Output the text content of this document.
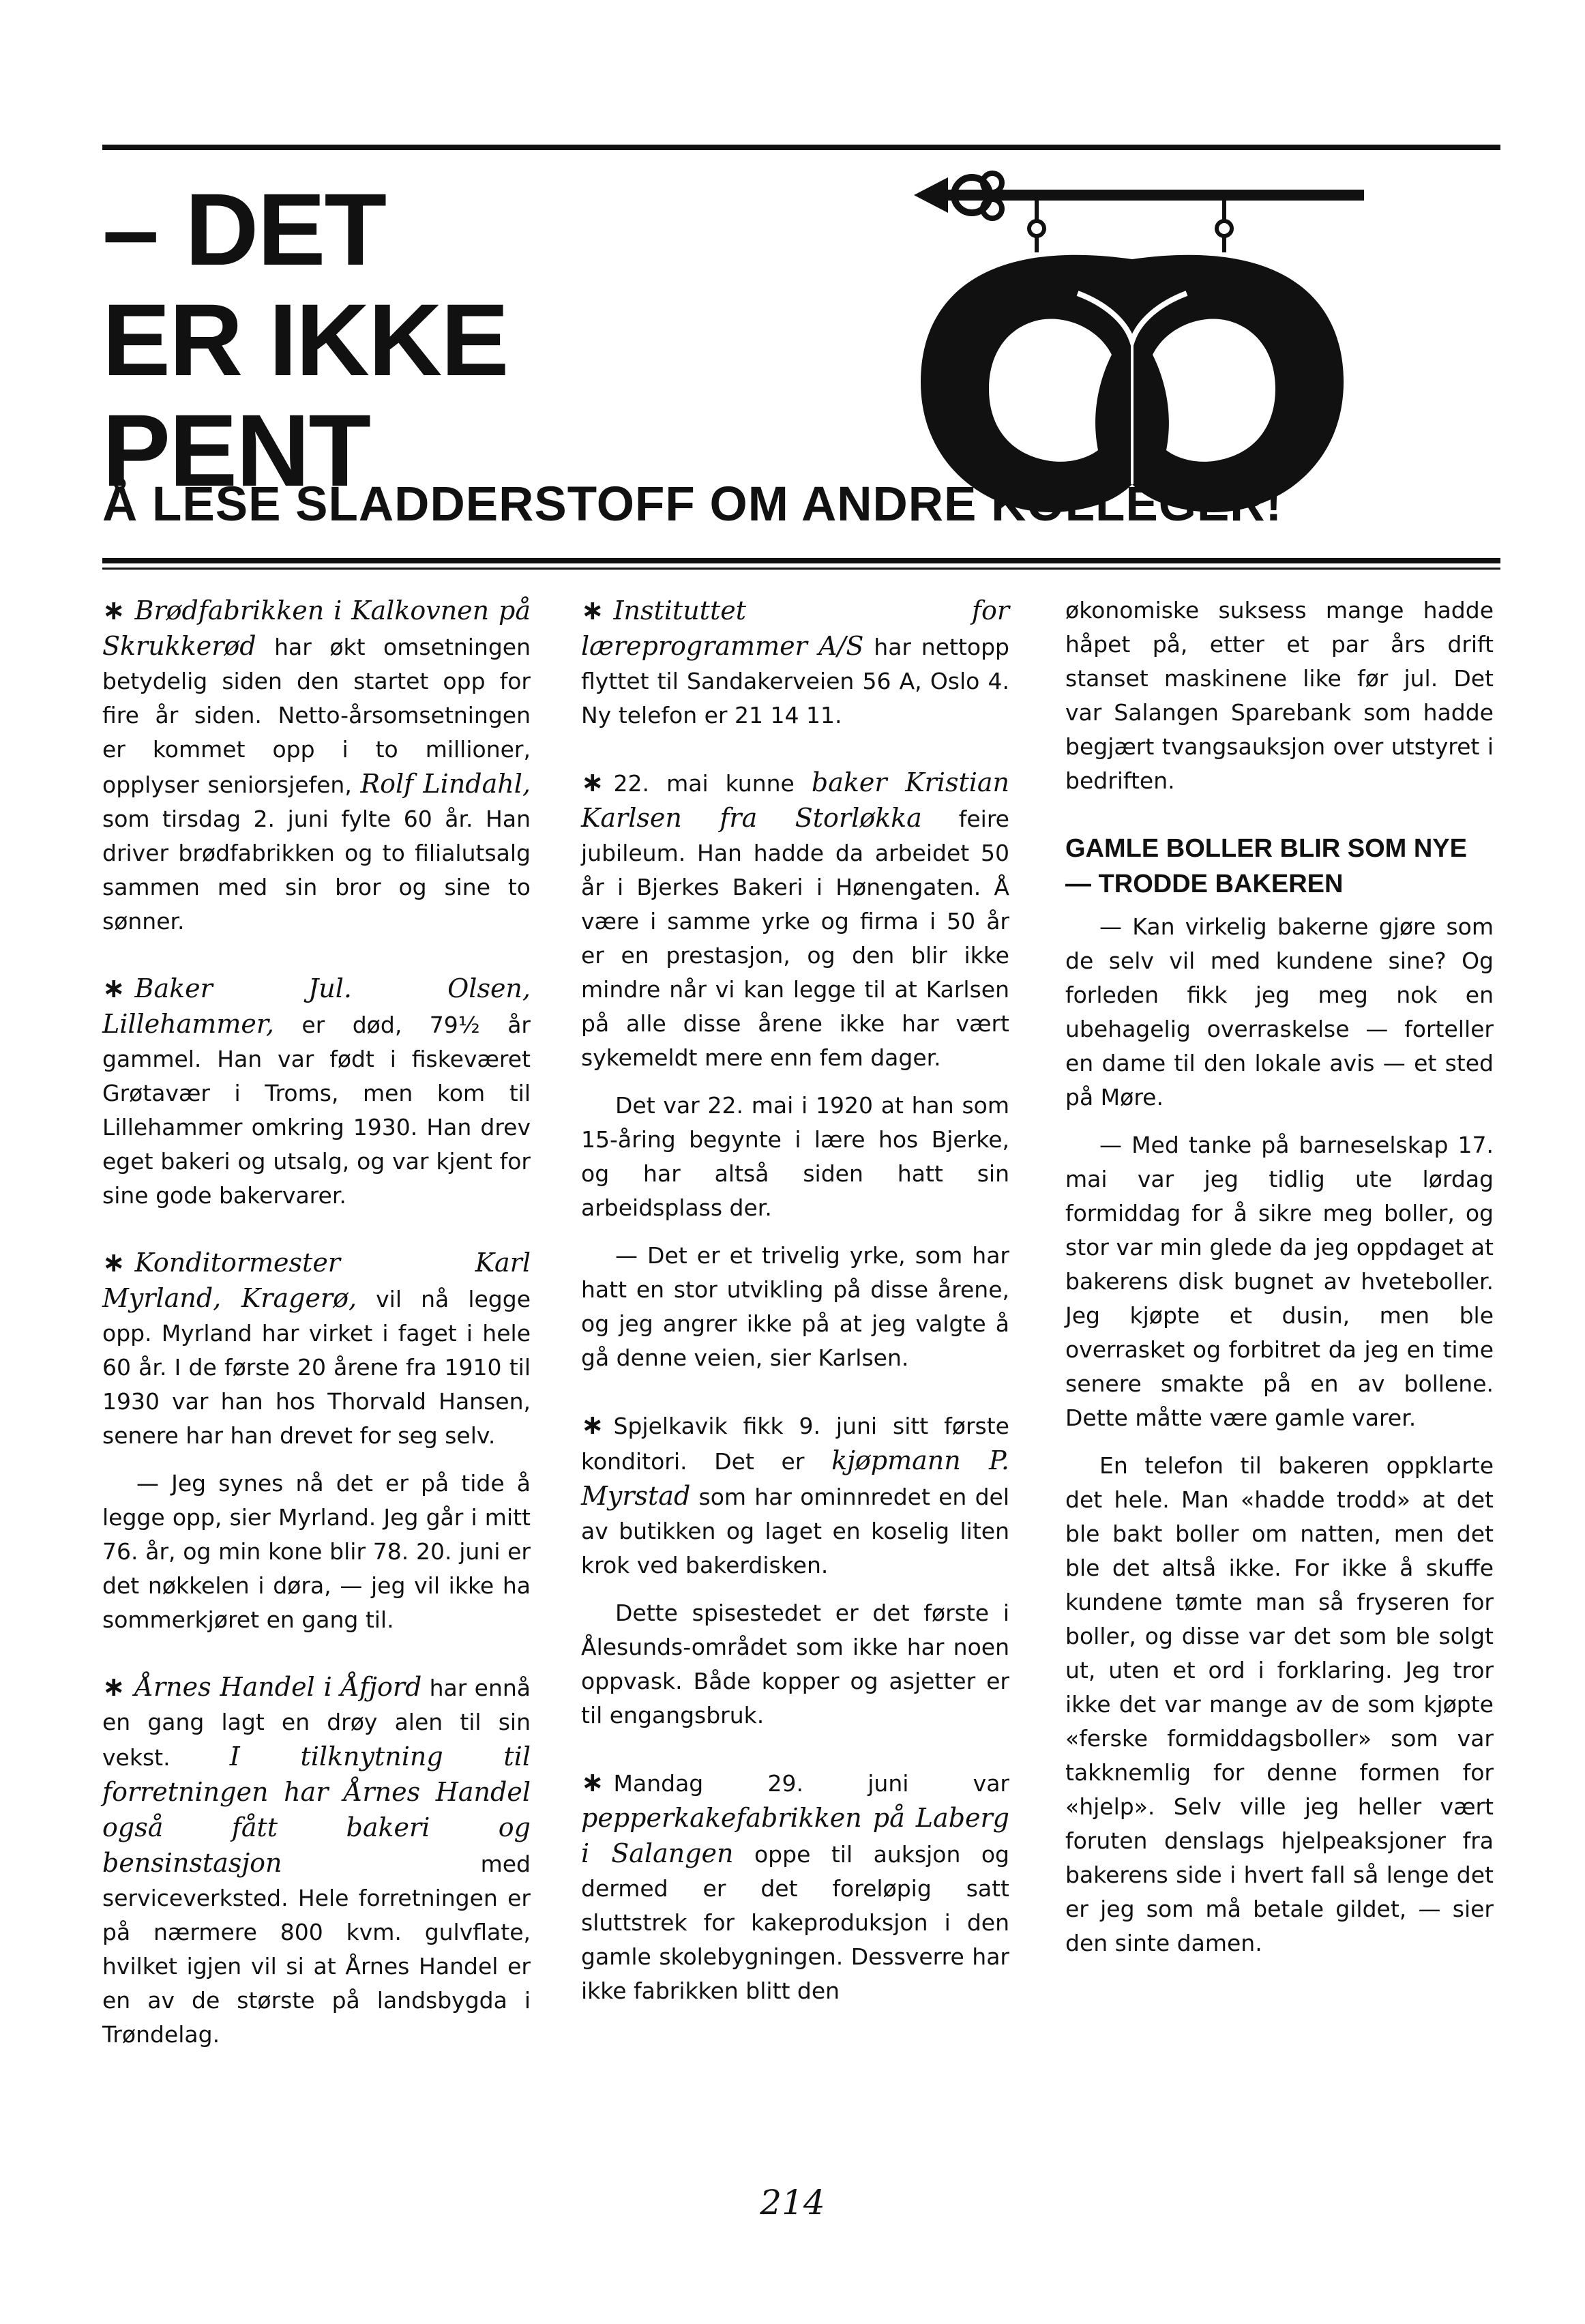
– DET
ER IKKE
PENT
Å LESE SLADDERSTOFF OM ANDRE KOLLEGER!

∗ Brødfabrikken i Kalkovnen på Skrukkerød har økt omsetningen betydelig siden den startet opp for fire år siden. Netto-årsomsetningen er kommet opp i to millioner, opplyser seniorsjefen, Rolf Lindahl, som tirsdag 2. juni fylte 60 år. Han driver brødfabrikken og to filialutsalg sammen med sin bror og sine to sønner.

∗ Baker Jul. Olsen, Lillehammer, er død, 79½ år gammel. Han var født i fiskeværet Grøtavær i Troms, men kom til Lillehammer omkring 1930. Han drev eget bakeri og utsalg, og var kjent for sine gode bakervarer.

∗ Konditormester Karl Myrland, Kragerø, vil nå legge opp. Myrland har virket i faget i hele 60 år. I de første 20 årene fra 1910 til 1930 var han hos Thorvald Hansen, senere har han drevet for seg selv.

— Jeg synes nå det er på tide å legge opp, sier Myrland. Jeg går i mitt 76. år, og min kone blir 78. 20. juni er det nøkkelen i døra, — jeg vil ikke ha sommerkjøret en gang til.

∗ Årnes Handel i Åfjord har ennå en gang lagt en drøy alen til sin vekst. I tilknytning til forretningen har Årnes Handel også fått bakeri og bensinstasjon med serviceverksted. Hele forretningen er på nærmere 800 kvm. gulvflate, hvilket igjen vil si at Årnes Handel er en av de største på landsbygda i Trøndelag.

∗ Instituttet for læreprogrammer A/S har nettopp flyttet til Sandakerveien 56 A, Oslo 4. Ny telefon er 21 14 11.

∗ 22. mai kunne baker Kristian Karlsen fra Storløkka feire jubileum. Han hadde da arbeidet 50 år i Bjerkes Bakeri i Hønengaten. Å være i samme yrke og firma i 50 år er en prestasjon, og den blir ikke mindre når vi kan legge til at Karlsen på alle disse årene ikke har vært sykemeldt mere enn fem dager.

Det var 22. mai i 1920 at han som 15-åring begynte i lære hos Bjerke, og har altså siden hatt sin arbeidsplass der.

— Det er et trivelig yrke, som har hatt en stor utvikling på disse årene, og jeg angrer ikke på at jeg valgte å gå denne veien, sier Karlsen.

∗ Spjelkavik fikk 9. juni sitt første konditori. Det er kjøpmann P. Myrstad som har ominnredet en del av butikken og laget en koselig liten krok ved bakerdisken.

Dette spisestedet er det første i Ålesunds-området som ikke har noen oppvask. Både kopper og asjetter er til engangsbruk.

∗ Mandag 29. juni var pepperkakefabrikken på Laberg i Salangen oppe til auksjon og dermed er det foreløpig satt sluttstrek for kakeproduksjon i den gamle skolebygningen. Dessverre har ikke fabrikken blitt den

økonomiske suksess mange hadde håpet på, etter et par års drift stanset maskinene like før jul. Det var Salangen Sparebank som hadde begjært tvangsauksjon over utstyret i bedriften.

GAMLE BOLLER BLIR SOM NYE — TRODDE BAKEREN

— Kan virkelig bakerne gjøre som de selv vil med kundene sine? Og forleden fikk jeg meg nok en ubehagelig overraskelse — forteller en dame til den lokale avis — et sted på Møre.

— Med tanke på barneselskap 17. mai var jeg tidlig ute lørdag formiddag for å sikre meg boller, og stor var min glede da jeg oppdaget at bakerens disk bugnet av hveteboller. Jeg kjøpte et dusin, men ble overrasket og forbitret da jeg en time senere smakte på en av bollene. Dette måtte være gamle varer.

En telefon til bakeren oppklarte det hele. Man «hadde trodd» at det ble bakt boller om natten, men det ble det altså ikke. For ikke å skuffe kundene tømte man så fryseren for boller, og disse var det som ble solgt ut, uten et ord i forklaring. Jeg tror ikke det var mange av de som kjøpte «ferske formiddagsboller» som var takknemlig for denne formen for «hjelp». Selv ville jeg heller vært foruten denslags hjelpeaksjoner fra bakerens side i hvert fall så lenge det er jeg som må betale gildet, — sier den sinte damen.

214
